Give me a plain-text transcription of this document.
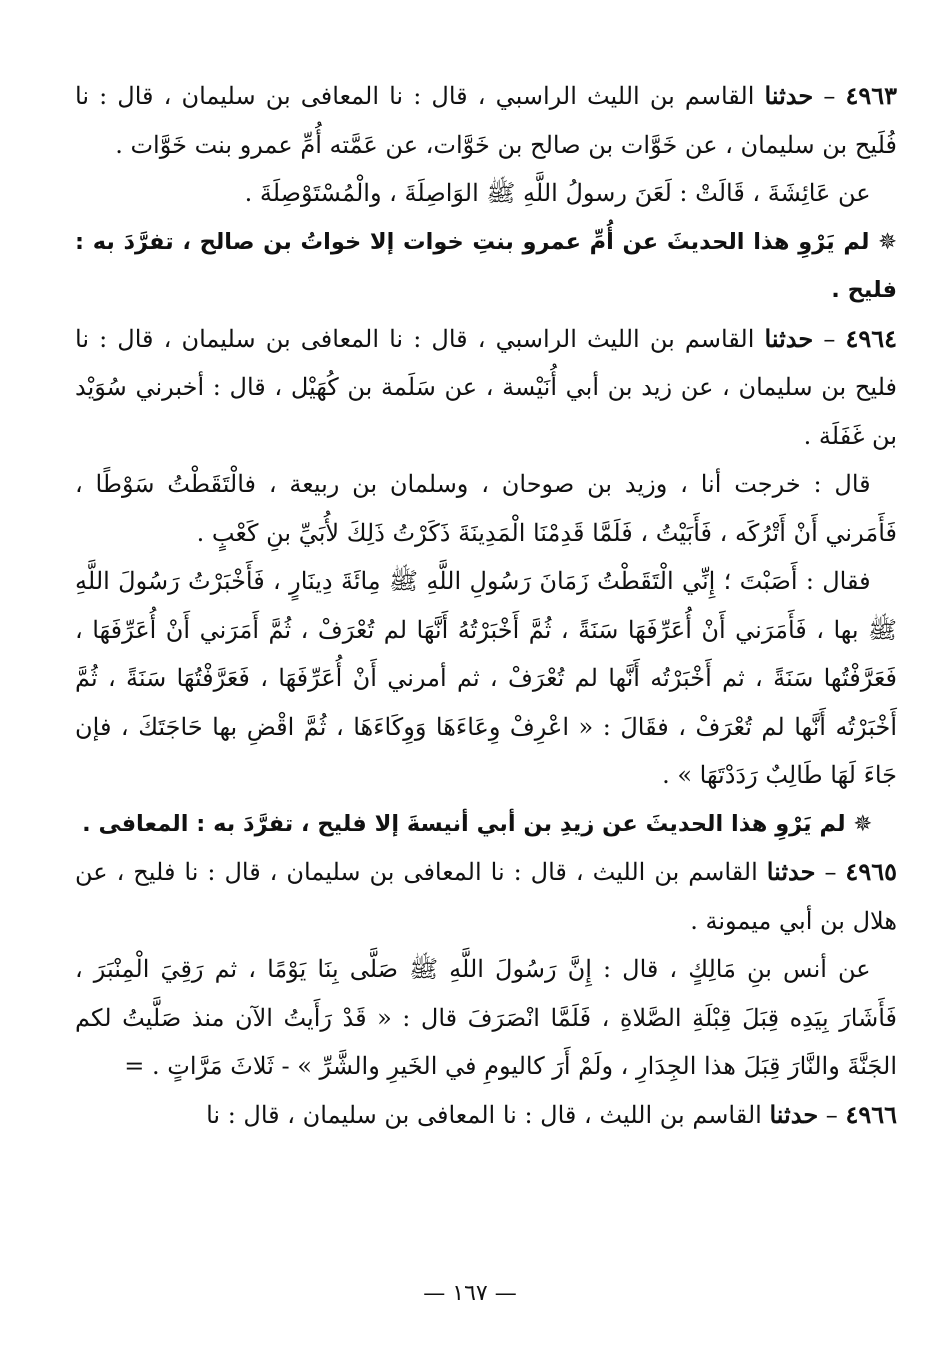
٤٩٦٣ – حدثنا القاسم بن الليث الراسبي ، قال : نا المعافى بن سليمان ، قال : نا فُلَيح بن سليمان ، عن خَوَّات بن صالح بن خَوَّات، عن عَمَّته أُمِّ عمرو بنت خَوَّات .

عن عَائِشَةَ ، قَالَتْ : لَعَنَ رسولُ اللَّهِ ﷺ الوَاصِلَةَ ، والْمُسْتَوْصِلَةَ .

✵ لم يَرْوِ هذا الحديثَ عن أُمِّ عمرو بنتِ خوات إلا خواتُ بن صالح ، تفرَّدَ به : فليح .

٤٩٦٤ – حدثنا القاسم بن الليث الراسبي ، قال : نا المعافى بن سليمان ، قال : نا فليح بن سليمان ، عن زيد بن أبي أُنَيْسة ، عن سَلَمة بن كُهَيْل ، قال : أخبرني سُوَيْد بن غَفَلَة .

قال : خرجت أنا ، وزيد بن صوحان ، وسلمان بن ربيعة ، فالْتَقَطْتُ سَوْطًا ، فَأَمَرني أَنْ أَتْرُكَه ، فَأَبَيْتُ ، فَلَمَّا قَدِمْنَا الْمَدِينَةَ ذَكَرْتُ ذَلِكَ لأُبَيِّ بنِ كَعْبٍ .

فقال : أَصَبْتَ ؛ إِنِّي الْتَقَطْتُ زَمَانَ رَسُولِ اللَّهِ ﷺ مِائَةَ دِينَارٍ ، فَأَخْبَرْتُ رَسُولَ اللَّهِ ﷺ بها ، فَأَمَرَني أَنْ أُعَرِّفَهَا سَنَةً ، ثُمَّ أَخْبَرْتُهُ أَنَّهَا لم تُعْرَفْ ، ثُمَّ أَمَرَني أَنْ أُعَرِّفَهَا ، فَعَرَّفْتُها سَنَةً ، ثم أَخْبَرْتُه أَنَّها لم تُعْرَفْ ، ثم أمرني أَنْ أُعَرِّفَهَا ، فَعَرَّفْتُهَا سَنَةً ، ثُمَّ أَخْبَرْتُه أَنَّها لم تُعْرَفْ ، فقَالَ : « اعْرِفْ وِعَاءَهَا وَوِكَاءَهَا ، ثُمَّ اقْضِ بها حَاجَتَكَ ، فإن جَاءَ لَهَا طَالِبٌ رَدَدْتَهَا » .

✵ لم يَرْوِ هذا الحديثَ عن زيدِ بن أبي أنيسةَ إلا فليح ، تفرَّدَ به : المعافى .

٤٩٦٥ – حدثنا القاسم بن الليث ، قال : نا المعافى بن سليمان ، قال : نا فليح ، عن هلال بن أبي ميمونة .

عن أنس بنِ مَالِكٍ ، قال : إِنَّ رَسُولَ اللَّهِ ﷺ صَلَّى بِنَا يَوْمًا ، ثم رَقِيَ الْمِنْبَرَ ، فَأَشَارَ بِيَدِه قِبَلَ قِبْلَةِ الصَّلاةِ ، فَلَمَّا انْصَرَفَ قال : « قَدْ رَأَيتُ الآن منذ صَلَّيتُ لكم الجَنَّةَ والنَّارَ قِبَلَ هذا الجِدَارِ ، ولَمْ أَرَ كاليومِ في الخَيرِ والشَّرِّ » - ثَلاثَ مَرَّاتٍ . =

٤٩٦٦ – حدثنا القاسم بن الليث ، قال : نا المعافى بن سليمان ، قال : نا

— ١٦٧ —
